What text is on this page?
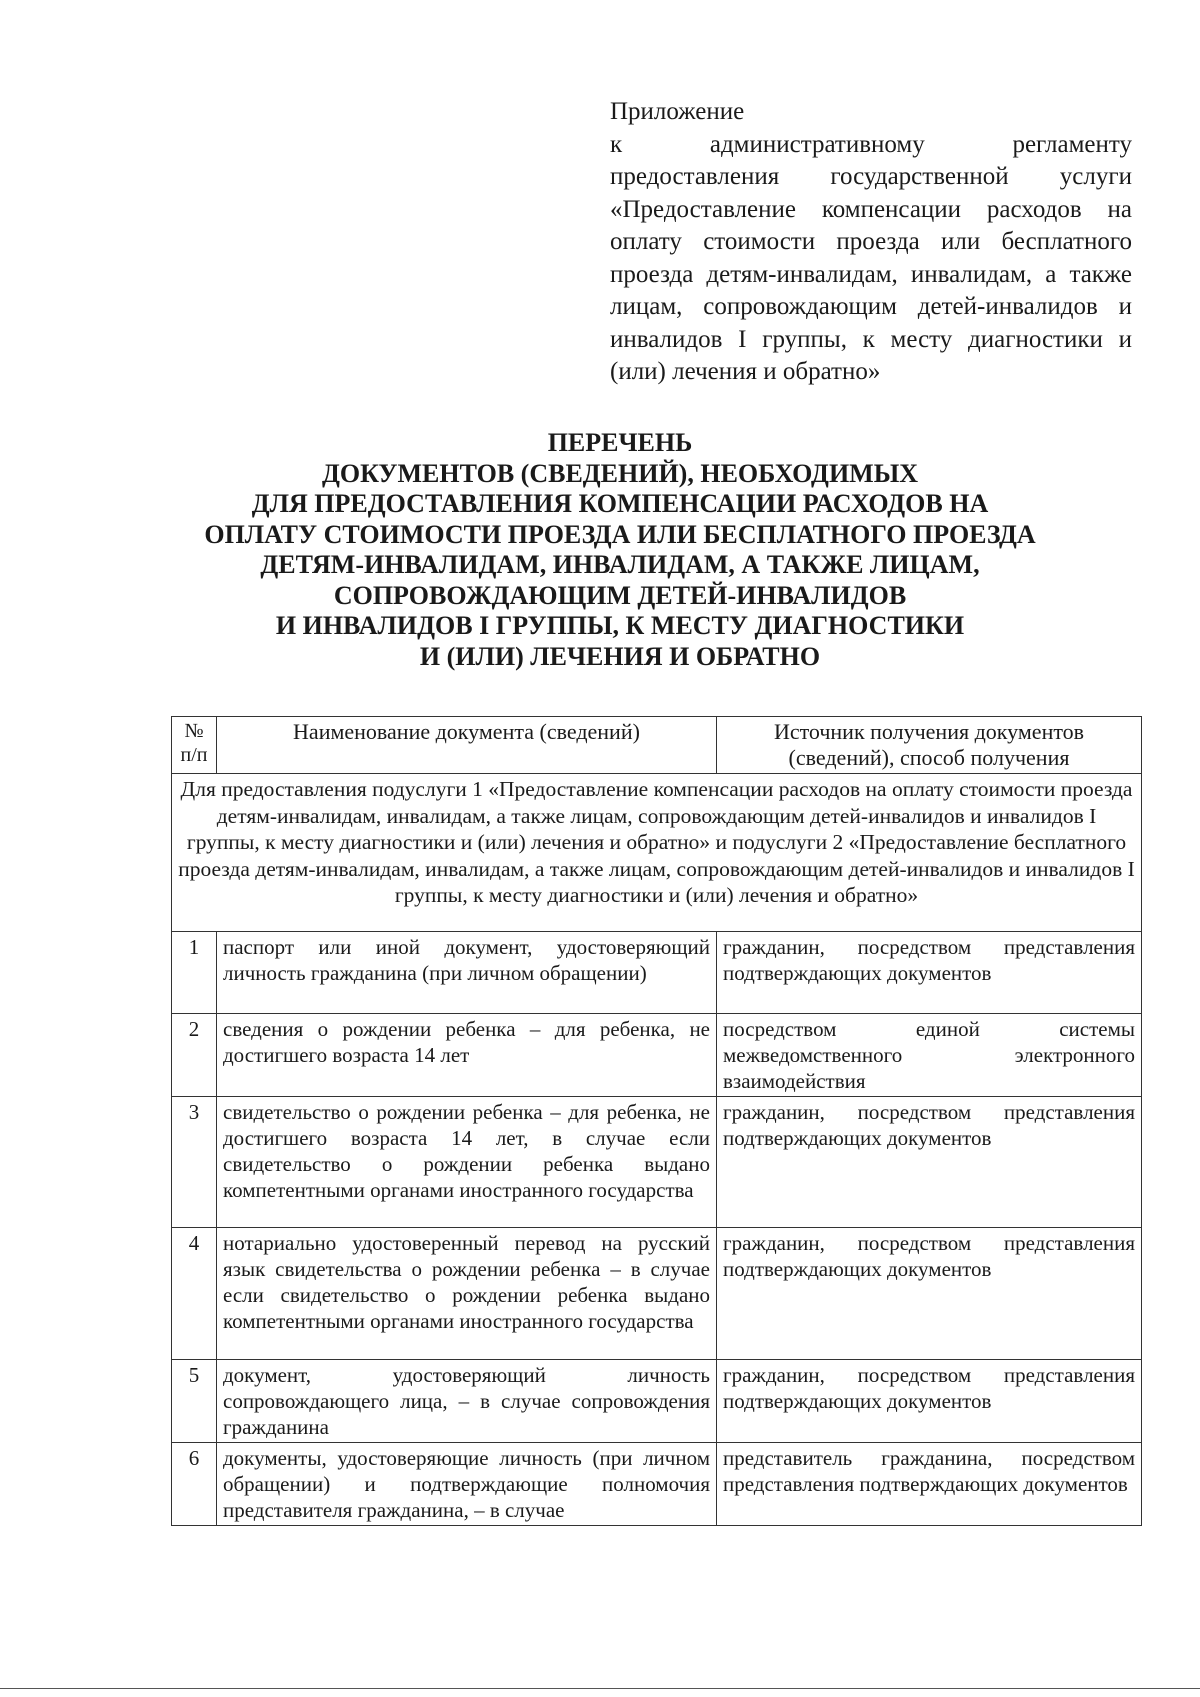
Приложение

к административному регламенту предоставления государственной услуги «Предоставление компенсации расходов на оплату стоимости проезда или бесплатного проезда детям-инвалидам, инвалидам, а также лицам, сопровождающим детей-инвалидов и инвалидов I группы, к месту диагностики и (или) лечения и обратно»

ПЕРЕЧЕНЬ
ДОКУМЕНТОВ (СВЕДЕНИЙ), НЕОБХОДИМЫХ
ДЛЯ ПРЕДОСТАВЛЕНИЯ КОМПЕНСАЦИИ РАСХОДОВ НА
ОПЛАТУ СТОИМОСТИ ПРОЕЗДА ИЛИ БЕСПЛАТНОГО ПРОЕЗДА
ДЕТЯМ-ИНВАЛИДАМ, ИНВАЛИДАМ, А ТАКЖЕ ЛИЦАМ,
СОПРОВОЖДАЮЩИМ ДЕТЕЙ-ИНВАЛИДОВ
И ИНВАЛИДОВ I ГРУППЫ, К МЕСТУ ДИАГНОСТИКИ
И (ИЛИ) ЛЕЧЕНИЯ И ОБРАТНО
№ п/п	Наименование документа (сведений)	Источник получения документов (сведений), способ получения
Для предоставления подуслуги 1 «Предоставление компенсации расходов на оплату стоимости проезда детям-инвалидам, инвалидам, а также лицам, сопровождающим детей-инвалидов и инвалидов I группы, к месту диагностики и (или) лечения и обратно» и подуслуги 2 «Предоставление бесплатного проезда детям-инвалидам, инвалидам, а также лицам, сопровождающим детей-инвалидов и инвалидов I группы, к месту диагностики и (или) лечения и обратно»		
1	паспорт или иной документ, удостоверяющий личность гражданина (при личном обращении)	гражданин, посредством представления подтверждающих документов
2	сведения о рождении ребенка – для ребенка, не достигшего возраста 14 лет	посредством единой системы межведомственного электронного взаимодействия
3	свидетельство о рождении ребенка – для ребенка, не достигшего возраста 14 лет, в случае если свидетельство о рождении ребенка выдано компетентными органами иностранного государства	гражданин, посредством представления подтверждающих документов
4	нотариально удостоверенный перевод на русский язык свидетельства о рождении ребенка – в случае если свидетельство о рождении ребенка выдано компетентными органами иностранного государства	гражданин, посредством представления подтверждающих документов
5	документ, удостоверяющий личность сопровождающего лица, – в случае сопровождения гражданина	гражданин, посредством представления подтверждающих документов
6	документы, удостоверяющие личность (при личном обращении) и подтверждающие полномочия представителя гражданина, – в случае	представитель гражданина, посредством представления подтверждающих документов
